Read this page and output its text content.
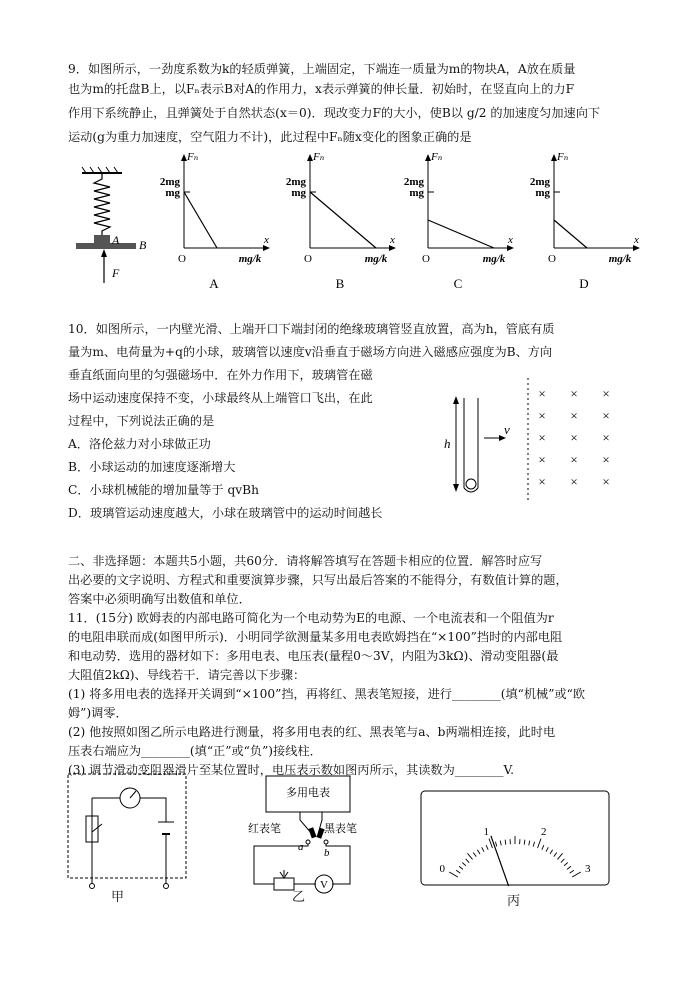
9．如图所示，一劲度系数为k的轻质弹簧，上端固定，下端连一质量为m的物块A，A放在质量
也为m的托盘B上，以Fₙ表示B对A的作用力，x表示弹簧的伸长量．初始时，在竖直向上的力F
作用下系统静止，且弹簧处于自然状态(x＝0)．现改变力F的大小，使B以 g/2 的加速度匀加速向下
运动(g为重力加速度，空气阻力不计)，此过程中Fₙ随x变化的图象正确的是
A B
F
Fₙ
x
2mg
mg
O	mg/k
A
Fₙ
x
2mg
mg
O	mg/k
B
Fₙ
x
2mg
mg
O	mg/k
C
Fₙ
x
2mg
mg
O	mg/k
D
10．如图所示，一内壁光滑、上端开口下端封闭的绝缘玻璃管竖直放置，高为h，管底有质
量为m、电荷量为+q的小球，玻璃管以速度v沿垂直于磁场方向进入磁感应强度为B、方向
垂直纸面向里的匀强磁场中．在外力作用下，玻璃管在磁
场中运动速度保持不变，小球最终从上端管口飞出，在此
过程中，下列说法正确的是
A．洛伦兹力对小球做正功
B．小球运动的加速度逐渐增大
C．小球机械能的增加量等于 qvBh
D．玻璃管运动速度越大，小球在玻璃管中的运动时间越长
h
v
×
×
×
×
×
×
×
×
×
×
×
×
×
×
×
二、非选择题：本题共5小题，共60分．请将解答填写在答题卡相应的位置．解答时应写
出必要的文字说明、方程式和重要演算步骤，只写出最后答案的不能得分，有数值计算的题，
答案中必须明确写出数值和单位．
11．(15分) 欧姆表的内部电路可简化为一个电动势为E的电源、一个电流表和一个阻值为r
的电阻串联而成(如图甲所示)．小明同学欲测量某多用电表欧姆挡在“×100”挡时的内部电阻
和电动势．选用的器材如下：多用电表、电压表(量程0～3V，内阻为3kΩ)、滑动变阻器(最
大阻值2kΩ)、导线若干．请完善以下步骤：
(1) 将多用电表的选择开关调到“×100”挡，再将红、黑表笔短接，进行________(填“机械”或“欧
姆”)调零．
(2) 他按照如图乙所示电路进行测量，将多用电表的红、黑表笔与a、b两端相连接，此时电
压表右端应为________(填“正”或“负”)接线柱．
(3) 调节滑动变阻器滑片至某位置时，电压表示数如图丙所示，其读数为________V.
甲
多用电表
红表笔	黑表笔
a b
V
乙
0
1	2
3
丙
